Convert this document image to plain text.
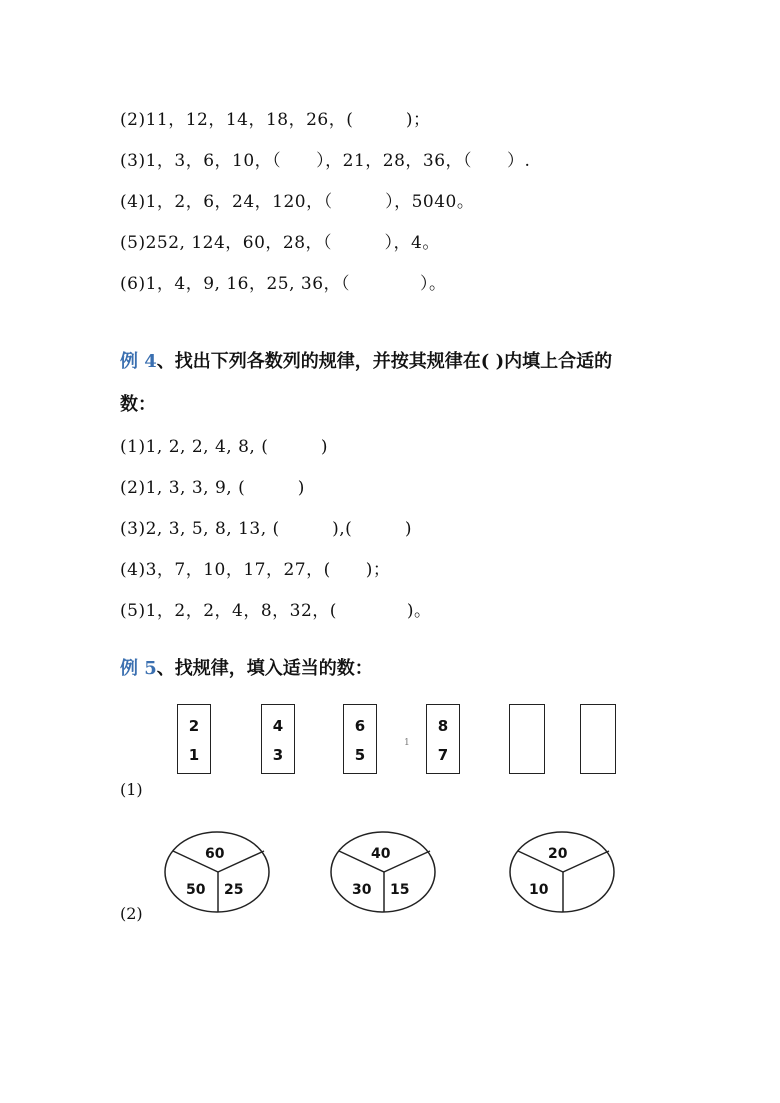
(2)11，12，14，18，26，(　　　)；
(3)1，3，6，10，（　　），21，28，36，（　　）.
(4)1，2，6，24，120，（　　　），5040。
(5)252, 124，60，28，（　　　），4。
(6)1，4，9, 16，25, 36，（　　　　）。
例 4、找出下列各数列的规律，并按其规律在( )内填上合适的
数：
(1)1, 2, 2, 4, 8, (　　　)
(2)1, 3, 3, 9, (　　　)
(3)2, 3, 5, 8, 13, (　　　),(　　　)
(4)3，7，10，17，27，(　　)；
(5)1，2，2，4，8，32，(　　　　)。
例 5、找规律，填入适当的数：
2
1
4
3
6
5
1
8
7
(1)
60
50 25
40
30 15
20
10
(2)
